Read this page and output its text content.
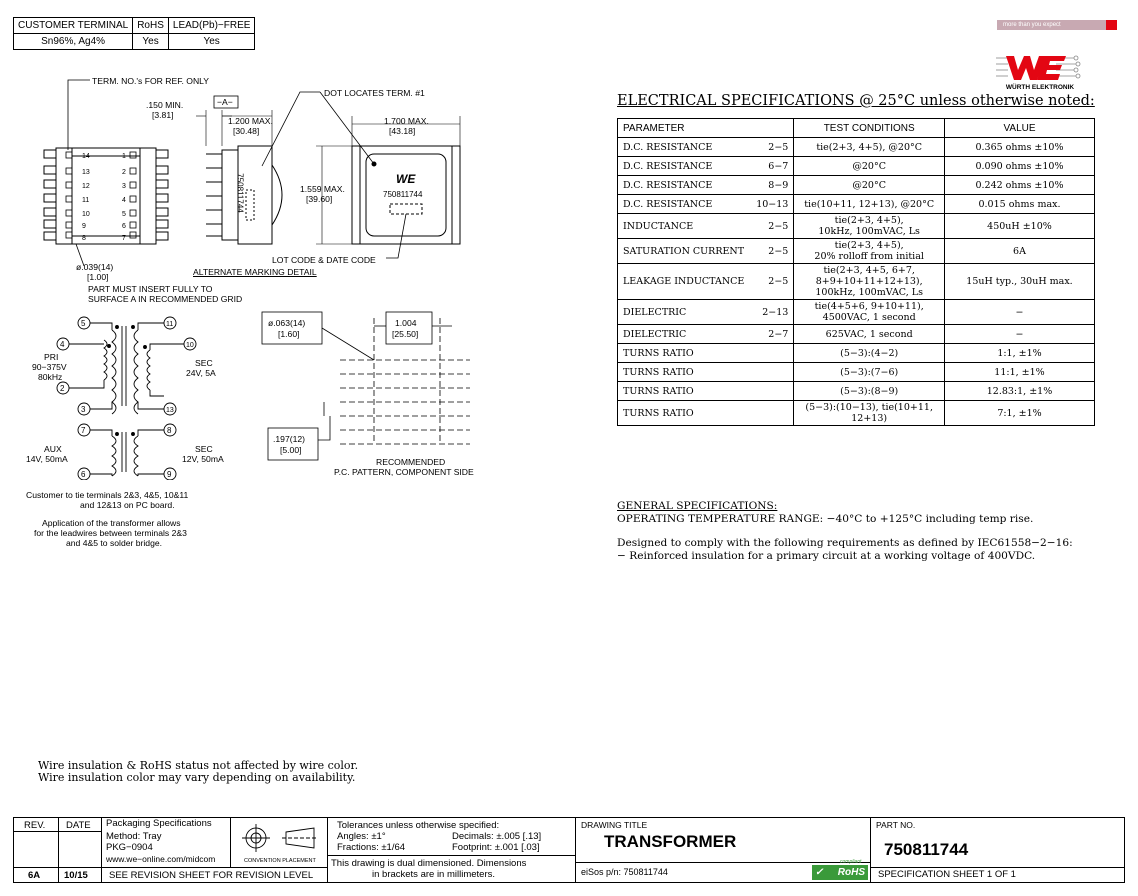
CUSTOMER TERMINAL	RoHS	LEAD(Pb)−FREE
Sn96%, Ag4%	Yes	Yes
more than you expect
WÜRTH ELEKTRONIK
14
13
12
11
10
9
8
1
2
3
4
5
6
7
5
4
2
3
7
6
11
10
13
8
9
TERM. NO.'s FOR REF. ONLY
.150 MIN.
[3.81]
−A−
1.200 MAX.
[30.48]
DOT LOCATES TERM. #1
1.700 MAX.
[43.18]
1.559 MAX.
[39.60]	750811744
WE
750811744
ø.039(14)
[1.00]
PART MUST INSERT FULLY TO
SURFACE A IN RECOMMENDED GRID
ALTERNATE MARKING DETAIL
LOT CODE & DATE CODE
PRI
90−375V
80kHz
SEC
24V, 5A
AUX
14V, 50mA
SEC
12V, 50mA
Customer to tie terminals 2&3, 4&5, 10&11
and 12&13 on PC board.
Application of the transformer allows
for the leadwires between terminals 2&3
and 4&5 to solder bridge.
ø.063(14)
[1.60]
1.004
[25.50]
.197(12)
[5.00]
RECOMMENDED
P.C. PATTERN, COMPONENT SIDE
ELECTRICAL SPECIFICATIONS @ 25°C unless otherwise noted:
PARAMETER		TEST CONDITIONS	VALUE
D.C. RESISTANCE	2−5	tie(2+3, 4+5), @20°C	0.365 ohms ±10%
D.C. RESISTANCE	6−7	@20°C	0.090 ohms ±10%
D.C. RESISTANCE	8−9	@20°C	0.242 ohms ±10%
D.C. RESISTANCE	10−13	tie(10+11, 12+13), @20°C	0.015 ohms max.
INDUCTANCE	2−5	tie(2+3, 4+5),
10kHz, 100mVAC, Ls	450uH ±10%
SATURATION CURRENT	2−5	tie(2+3, 4+5),
20% rolloff from initial	6A
LEAKAGE INDUCTANCE	2−5	tie(2+3, 4+5, 6+7,
8+9+10+11+12+13),
100kHz, 100mVAC, Ls	15uH typ., 30uH max.
DIELECTRIC	2−13	tie(4+5+6, 9+10+11),
4500VAC, 1 second	−
DIELECTRIC	2−7	625VAC, 1 second	−
TURNS RATIO		(5−3):(4−2)	1:1, ±1%
TURNS RATIO		(5−3):(7−6)	11:1, ±1%
TURNS RATIO		(5−3):(8−9)	12.83:1, ±1%
TURNS RATIO		(5−3):(10−13), tie(10+11, 12+13)	7:1, ±1%
GENERAL SPECIFICATIONS:
OPERATING TEMPERATURE RANGE: −40°C to +125°C including temp rise.
Designed to comply with the following requirements as defined by IEC61558−2−16:
− Reinforced insulation for a primary circuit at a working voltage of 400VDC.
Wire insulation & RoHS status not affected by wire color.
Wire insulation color may vary depending on availability.
REV. DATE
6A	10/15
Packaging Specifications
Method: Tray
PKG−0904
www.we−online.com/midcom
SEE REVISION SHEET FOR REVISION LEVEL
CONVENTION PLACEMENT
Tolerances unless otherwise specified:
Angles: ±1°	Decimals: ±.005 [.13]
Fractions: ±1/64	Footprint: ±.001 [.03]
This drawing is dual dimensioned. Dimensions
in brackets are in millimeters.
DRAWING TITLE
TRANSFORMER
eiSos p/n: 750811744	✓ RoHS
compliant
PART NO.
750811744
SPECIFICATION SHEET 1 OF 1
